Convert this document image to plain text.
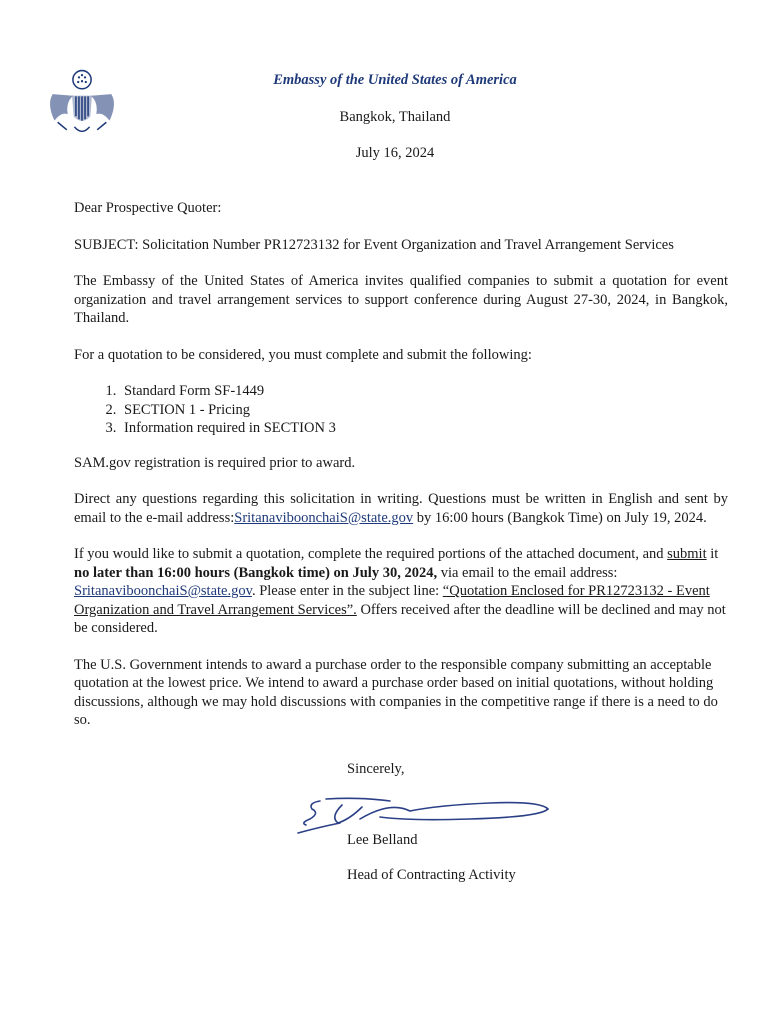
Embassy of the United States of America
Bangkok, Thailand
July 16, 2024

Dear Prospective Quoter:

SUBJECT: Solicitation Number PR12723132 for Event Organization and Travel Arrangement Services

The Embassy of the United States of America invites qualified companies to submit a quotation for event organization and travel arrangement services to support conference during August 27-30, 2024, in Bangkok, Thailand.

For a quotation to be considered, you must complete and submit the following:

1. Standard Form SF-1449
2. SECTION 1 - Pricing
3. Information required in SECTION 3

SAM.gov registration is required prior to award.

Direct any questions regarding this solicitation in writing. Questions must be written in English and sent by email to the e-mail address:SritanaviboonchaiS@state.gov by 16:00 hours (Bangkok Time) on July 19, 2024.

If you would like to submit a quotation, complete the required portions of the attached document, and submit it no later than 16:00 hours (Bangkok time) on July 30, 2024, via email to the email address: SritanaviboonchaiS@state.gov. Please enter in the subject line: “Quotation Enclosed for PR12723132 - Event Organization and Travel Arrangement Services”. Offers received after the deadline will be declined and may not be considered.

The U.S. Government intends to award a purchase order to the responsible company submitting an acceptable quotation at the lowest price. We intend to award a purchase order based on initial quotations, without holding discussions, although we may hold discussions with companies in the competitive range if there is a need to do so.

Sincerely,
Lee Belland
Head of Contracting Activity
